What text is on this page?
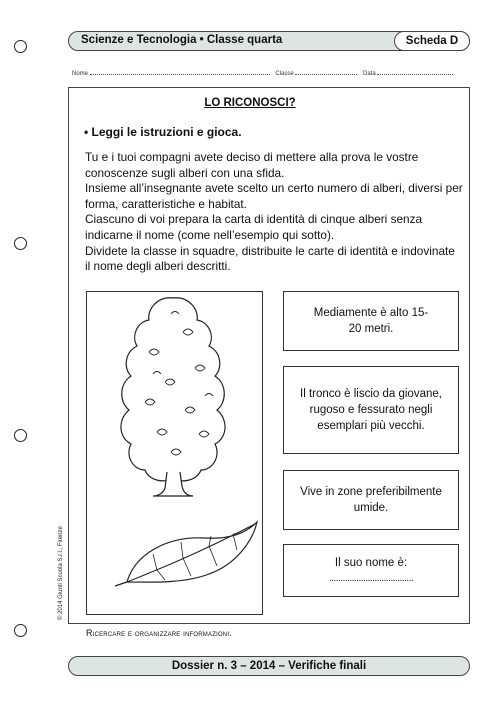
Scienze e Tecnologia • Classe quarta	Scheda D
Nome	Classe	Data
LO RICONOSCI?
• Leggi le istruzioni e gioca.

Tu e i tuoi compagni avete deciso di mettere alla prova le vostre conoscenze sugli alberi con una sfida.

Insieme all’insegnante avete scelto un certo numero di alberi, diversi per forma, caratteristiche e habitat.

Ciascuno di voi prepara la carta di identità di cinque alberi senza indicarne il nome (come nell’esempio qui sotto).

Dividete la classe in squadre, distribuite le carte di identità e indovinate il nome degli alberi descritti.

Mediamente è alto 15-20 metri.
Il tronco è liscio da giovane, rugoso e fessurato negli esemplari più vecchi.
Vive in zone preferibilmente umide.
Il suo nome è:
.....................................
Ricercare e organizzare informazioni.
© 2014 Giunti Scuola S.r.l., Firenze
Dossier n. 3 – 2014 – Verifiche finali
